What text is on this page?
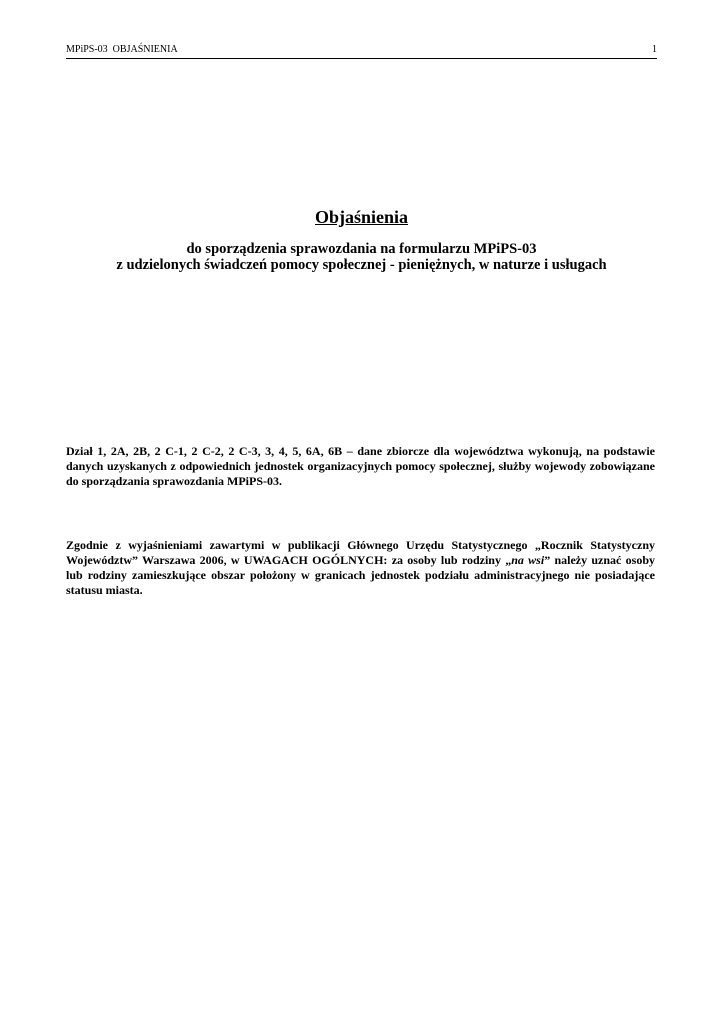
MPiPS-03  OBJAŚNIENIA	1
Objaśnienia
do sporządzenia sprawozdania na formularzu MPiPS-03
z udzielonych świadczeń pomocy społecznej - pieniężnych, w naturze i usługach

Dział 1, 2A, 2B, 2 C-1, 2 C-2, 2 C-3, 3, 4, 5, 6A, 6B – dane zbiorcze dla województwa wykonują, na podstawie danych uzyskanych z odpowiednich jednostek organizacyjnych pomocy społecznej, służby wojewody zobowiązane do sporządzania sprawozdania MPiPS-03.

Zgodnie z wyjaśnieniami zawartymi w publikacji Głównego Urzędu Statystycznego „Rocznik Statystyczny Województw” Warszawa 2006, w UWAGACH OGÓLNYCH: za osoby lub rodziny „na wsi” należy uznać osoby lub rodziny zamieszkujące obszar położony w granicach jednostek podziału administracyjnego nie posiadające statusu miasta.
